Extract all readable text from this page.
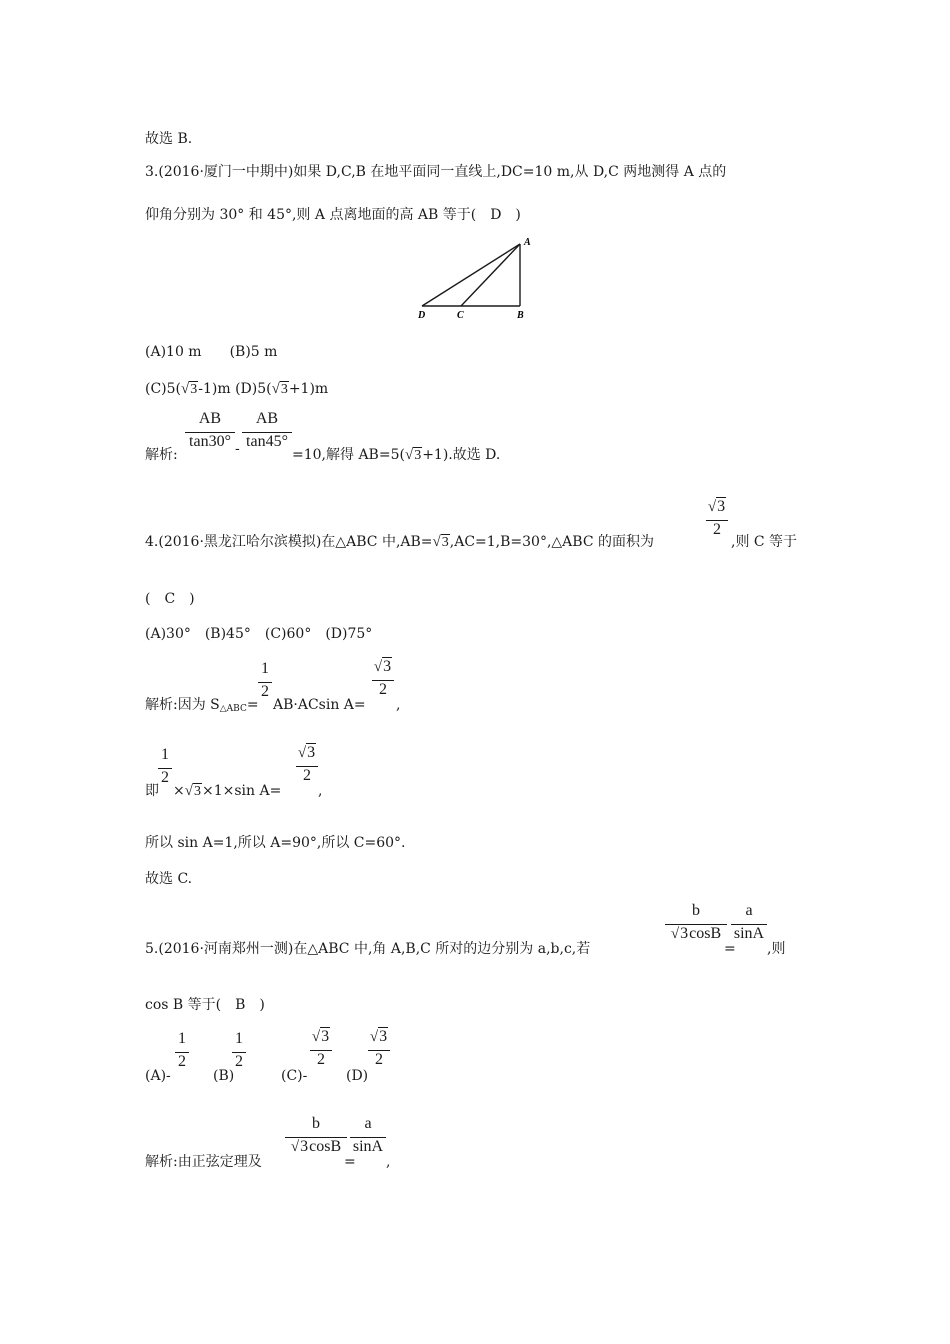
故选 B.
3.(2016·厦门一中期中)如果 D,C,B 在地平面同一直线上,DC=10 m,从 D,C 两地测得 A 点的
仰角分别为 30° 和 45°,则 A 点离地面的高 AB 等于(　D　)
A
D	C	B
(A)10 m　　(B)5 m
(C)5(√3-1)m (D)5(√3+1)m
$\frac{AB}{\tan 30^\circ} \frac{AB}{\tan 45^\circ}$
解析:	-	=10,解得 AB=5(√3+1).故选 D.
4.(2016·黑龙江哈尔滨模拟)在△ABC 中,AB=√3,AC=1,B=30°,△ABC 的面积为
$\frac{√3}{2}$
,则 C 等于
(　C　)
(A)30°　(B)45°　(C)60°　(D)75°
解析:因为 $S_{\triangle ABC}=$
$\frac{1}{2}$
AB·ACsin A=
$\frac{√3}{2}$
,
即
$\frac{1}{2}$
×√3×1×sin A=
$\frac{√3}{2}$
,
所以 sin A=1,所以 A=90°,所以 C=60°.
故选 C.
5.(2016·河南郑州一测)在△ABC 中,角 A,B,C 所对的边分别为 a,b,c,若
$\frac{b}{√3\cos B}$
=
$\frac{a}{\sin A}$
,则
cos B 等于(　B　)
(A)-
$\frac{1}{2}$
(B)
$\frac{1}{2}$
(C)-
$\frac{√3}{2}$
(D)
$\frac{√3}{2}$
解析:由正弦定理及
$\frac{b}{√3\cos B}$
=
$\frac{a}{\sin A}$
,
